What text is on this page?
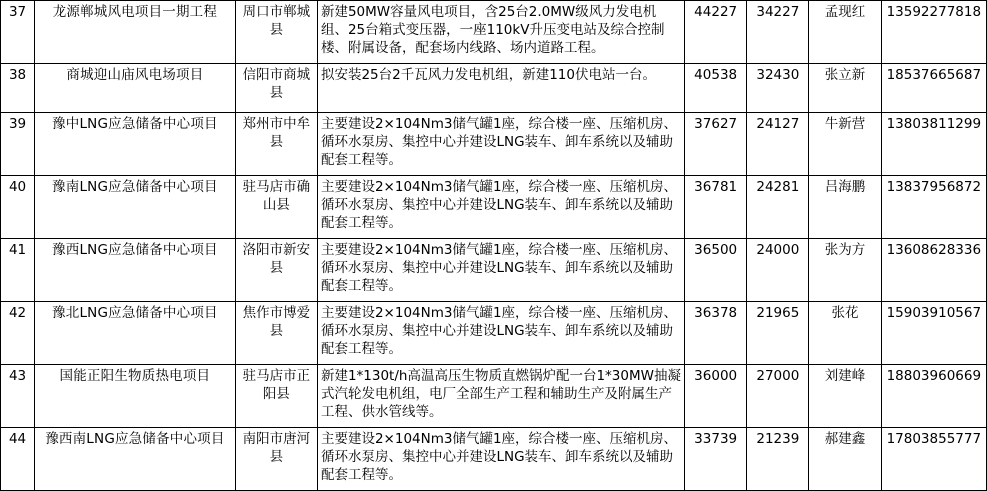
37	龙源郸城风电项目一期工程	周口市郸城县	新建50MW容量风电项目，含25台2.0MW级风力发电机组、25台箱式变压器，一座110kV升压变电站及综合控制楼、附属设备，配套场内线路、场内道路工程。	44227	34227	孟现红	13592277818

38	商城迎山庙风电场项目	信阳市商城县	拟安装25台2千瓦风力发电机组，新建110伏电站一台。	40538	32430	张立新	18537665687

39	豫中LNG应急储备中心项目	郑州市中牟县	主要建设2×104Nm3储气罐1座，综合楼一座、压缩机房、循环水泵房、集控中心并建设LNG装车、卸车系统以及辅助配套工程等。	37627	24127	牛新营	13803811299

40	豫南LNG应急储备中心项目	驻马店市确山县	主要建设2×104Nm3储气罐1座，综合楼一座、压缩机房、循环水泵房、集控中心并建设LNG装车、卸车系统以及辅助配套工程等。	36781	24281	吕海鹏	13837956872

41	豫西LNG应急储备中心项目	洛阳市新安县	主要建设2×104Nm3储气罐1座，综合楼一座、压缩机房、循环水泵房、集控中心并建设LNG装车、卸车系统以及辅助配套工程等。	36500	24000	张为方	13608628336

42	豫北LNG应急储备中心项目	焦作市博爱县	主要建设2×104Nm3储气罐1座，综合楼一座、压缩机房、循环水泵房、集控中心并建设LNG装车、卸车系统以及辅助配套工程等。	36378	21965	张花	15903910567

43	国能正阳生物质热电项目	驻马店市正阳县	新建1*130t/h高温高压生物质直燃锅炉配一台1*30MW抽凝式汽轮发电机组，电厂全部生产工程和辅助生产及附属生产工程、供水管线等。	36000	27000	刘建峰	18803960669

44	豫西南LNG应急储备中心项目	南阳市唐河县	主要建设2×104Nm3储气罐1座，综合楼一座、压缩机房、循环水泵房、集控中心并建设LNG装车、卸车系统以及辅助配套工程等。	33739	21239	郝建鑫	17803855777
